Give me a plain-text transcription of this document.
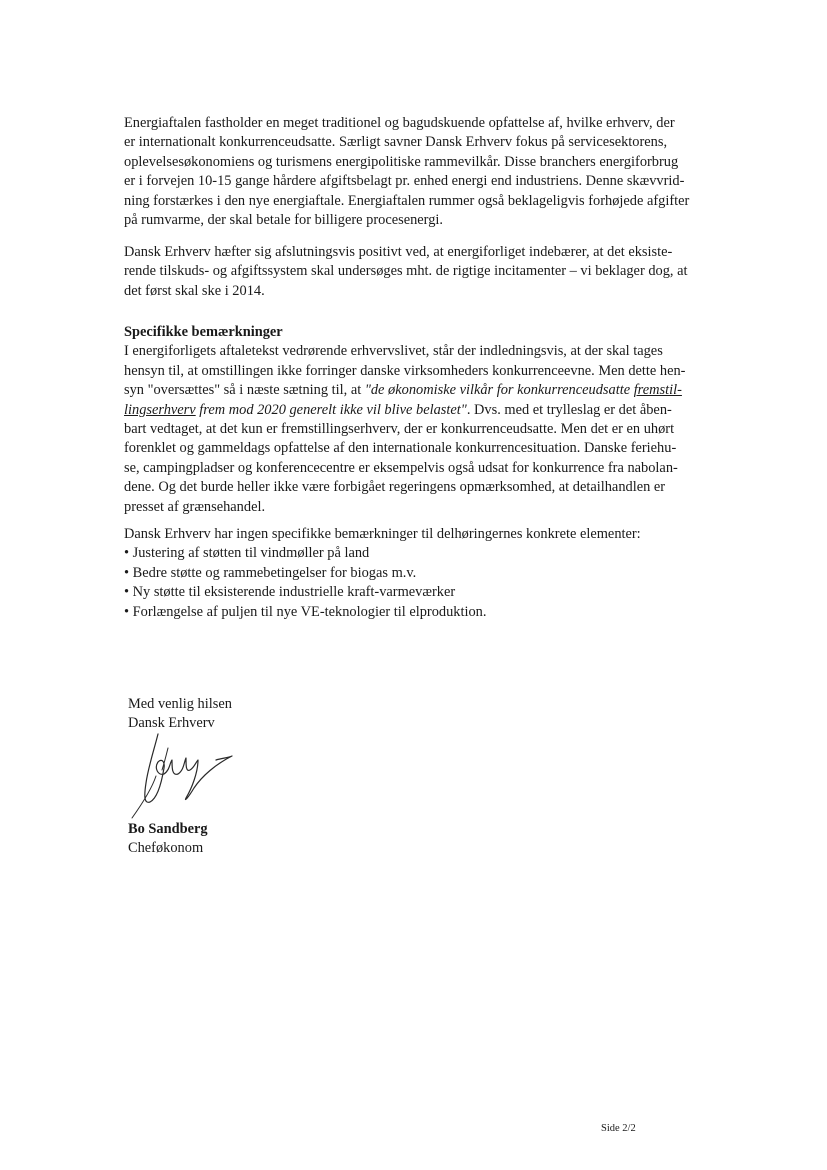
Energiaftalen fastholder en meget traditionel og bagudskuende opfattelse af, hvilke erhverv, der
er internationalt konkurrenceudsatte. Særligt savner Dansk Erhverv fokus på servicesektorens,
oplevelsesøkonomiens og turismens energipolitiske rammevilkår. Disse branchers energiforbrug
er i forvejen 10-15 gange hårdere afgiftsbelagt pr. enhed energi end industriens. Denne skævvrid-
ning forstærkes i den nye energiaftale. Energiaftalen rummer også beklageligvis forhøjede afgifter
på rumvarme, der skal betale for billigere procesenergi.
Dansk Erhverv hæfter sig afslutningsvis positivt ved, at energiforliget indebærer, at det eksiste-
rende tilskuds- og afgiftssystem skal undersøges mht. de rigtige incitamenter – vi beklager dog, at
det først skal ske i 2014.
Specifikke bemærkninger
I energiforligets aftaletekst vedrørende erhvervslivet, står der indledningsvis, at der skal tages
hensyn til, at omstillingen ikke forringer danske virksomheders konkurrenceevne. Men dette hen-
syn "oversættes" så i næste sætning til, at "de økonomiske vilkår for konkurrenceudsatte fremstil-
lingserhverv frem mod 2020 generelt ikke vil blive belastet". Dvs. med et trylleslag er det åben-
bart vedtaget, at det kun er fremstillingserhverv, der er konkurrenceudsatte. Men det er en uhørt
forenklet og gammeldags opfattelse af den internationale konkurrencesituation. Danske feriehu-
se, campingpladser og konferencecentre er eksempelvis også udsat for konkurrence fra nabolan-
dene. Og det burde heller ikke være forbigået regeringens opmærksomhed, at detailhandlen er
presset af grænsehandel.
Dansk Erhverv har ingen specifikke bemærkninger til delhøringernes konkrete elementer:
• Justering af støtten til vindmøller på land
• Bedre støtte og rammebetingelser for biogas m.v.
• Ny støtte til eksisterende industrielle kraft-varmeværker
• Forlængelse af puljen til nye VE-teknologier til elproduktion.
Med venlig hilsen
Dansk Erhverv
Bo Sandberg
Cheføkonom
Side 2/2
